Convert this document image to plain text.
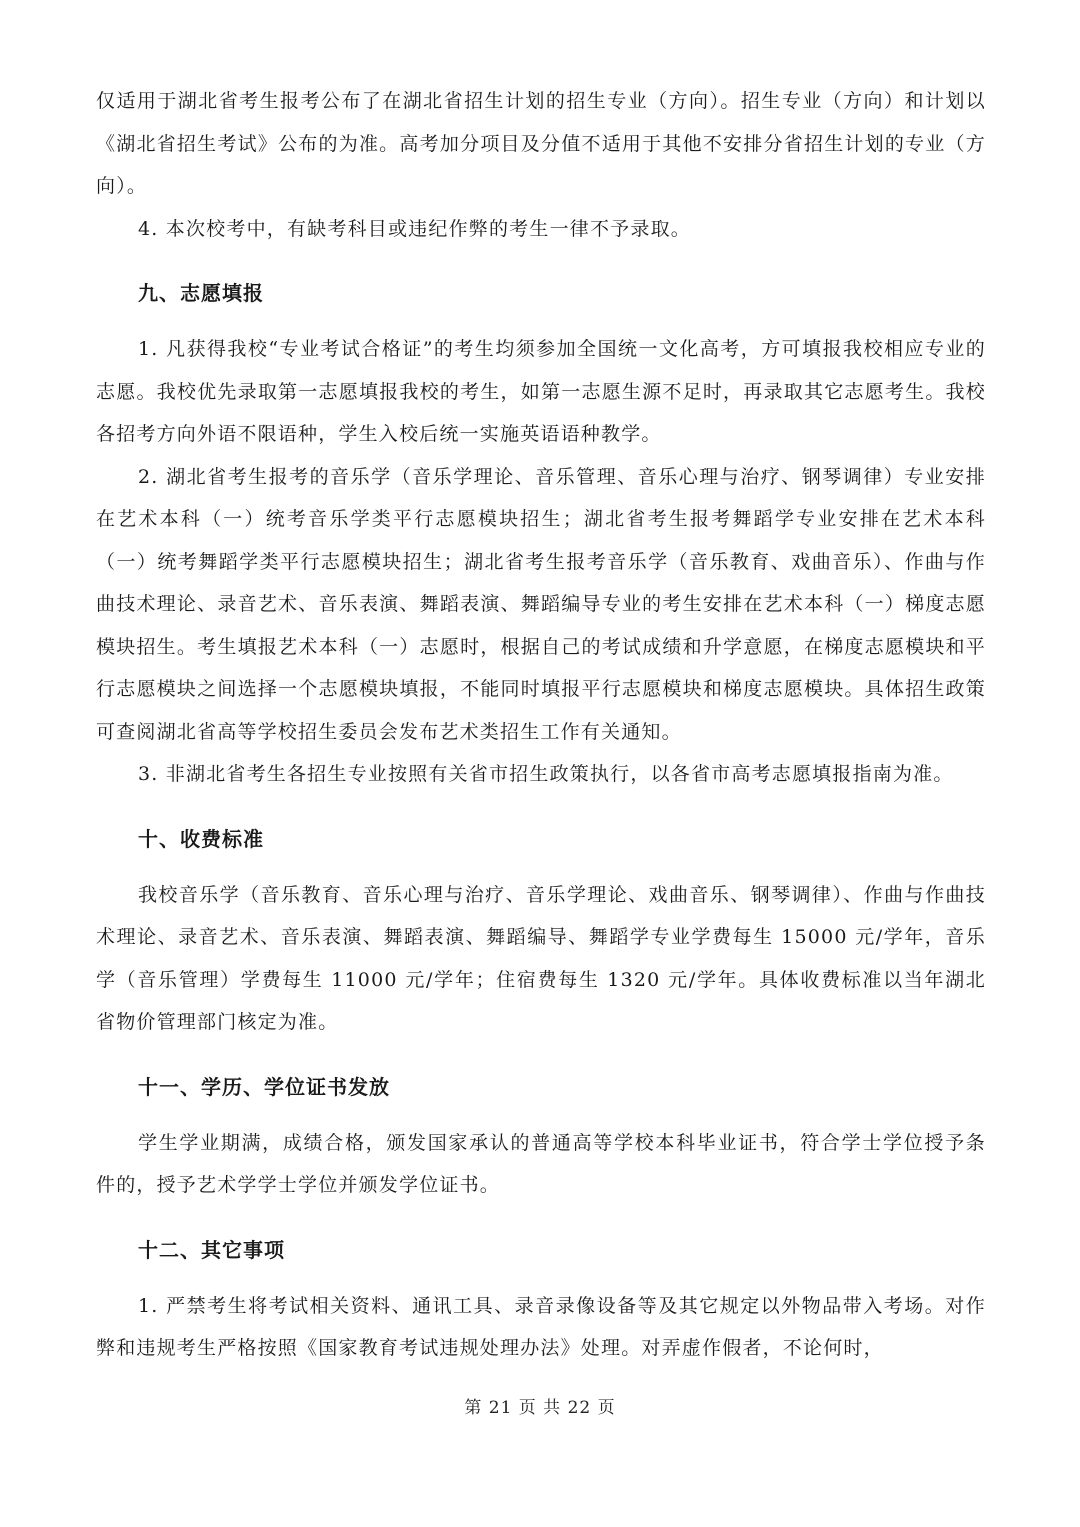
仅适用于湖北省考生报考公布了在湖北省招生计划的招生专业（方向）。招生专业（方向）和计划以《湖北省招生考试》公布的为准。高考加分项目及分值不适用于其他不安排分省招生计划的专业（方向）。

4. 本次校考中，有缺考科目或违纪作弊的考生一律不予录取。

九、志愿填报

1. 凡获得我校“专业考试合格证”的考生均须参加全国统一文化高考，方可填报我校相应专业的志愿。我校优先录取第一志愿填报我校的考生，如第一志愿生源不足时，再录取其它志愿考生。我校各招考方向外语不限语种，学生入校后统一实施英语语种教学。

2. 湖北省考生报考的音乐学（音乐学理论、音乐管理、音乐心理与治疗、钢琴调律）专业安排在艺术本科（一）统考音乐学类平行志愿模块招生；湖北省考生报考舞蹈学专业安排在艺术本科（一）统考舞蹈学类平行志愿模块招生；湖北省考生报考音乐学（音乐教育、戏曲音乐）、作曲与作曲技术理论、录音艺术、音乐表演、舞蹈表演、舞蹈编导专业的考生安排在艺术本科（一）梯度志愿模块招生。考生填报艺术本科（一）志愿时，根据自己的考试成绩和升学意愿，在梯度志愿模块和平行志愿模块之间选择一个志愿模块填报，不能同时填报平行志愿模块和梯度志愿模块。具体招生政策可查阅湖北省高等学校招生委员会发布艺术类招生工作有关通知。

3. 非湖北省考生各招生专业按照有关省市招生政策执行，以各省市高考志愿填报指南为准。

十、收费标准

我校音乐学（音乐教育、音乐心理与治疗、音乐学理论、戏曲音乐、钢琴调律）、作曲与作曲技术理论、录音艺术、音乐表演、舞蹈表演、舞蹈编导、舞蹈学专业学费每生 15000 元/学年，音乐学（音乐管理）学费每生 11000 元/学年；住宿费每生 1320 元/学年。具体收费标准以当年湖北省物价管理部门核定为准。

十一、学历、学位证书发放

学生学业期满，成绩合格，颁发国家承认的普通高等学校本科毕业证书，符合学士学位授予条件的，授予艺术学学士学位并颁发学位证书。

十二、其它事项

1. 严禁考生将考试相关资料、通讯工具、录音录像设备等及其它规定以外物品带入考场。对作弊和违规考生严格按照《国家教育考试违规处理办法》处理。对弄虚作假者，不论何时，

第 21 页 共 22 页
